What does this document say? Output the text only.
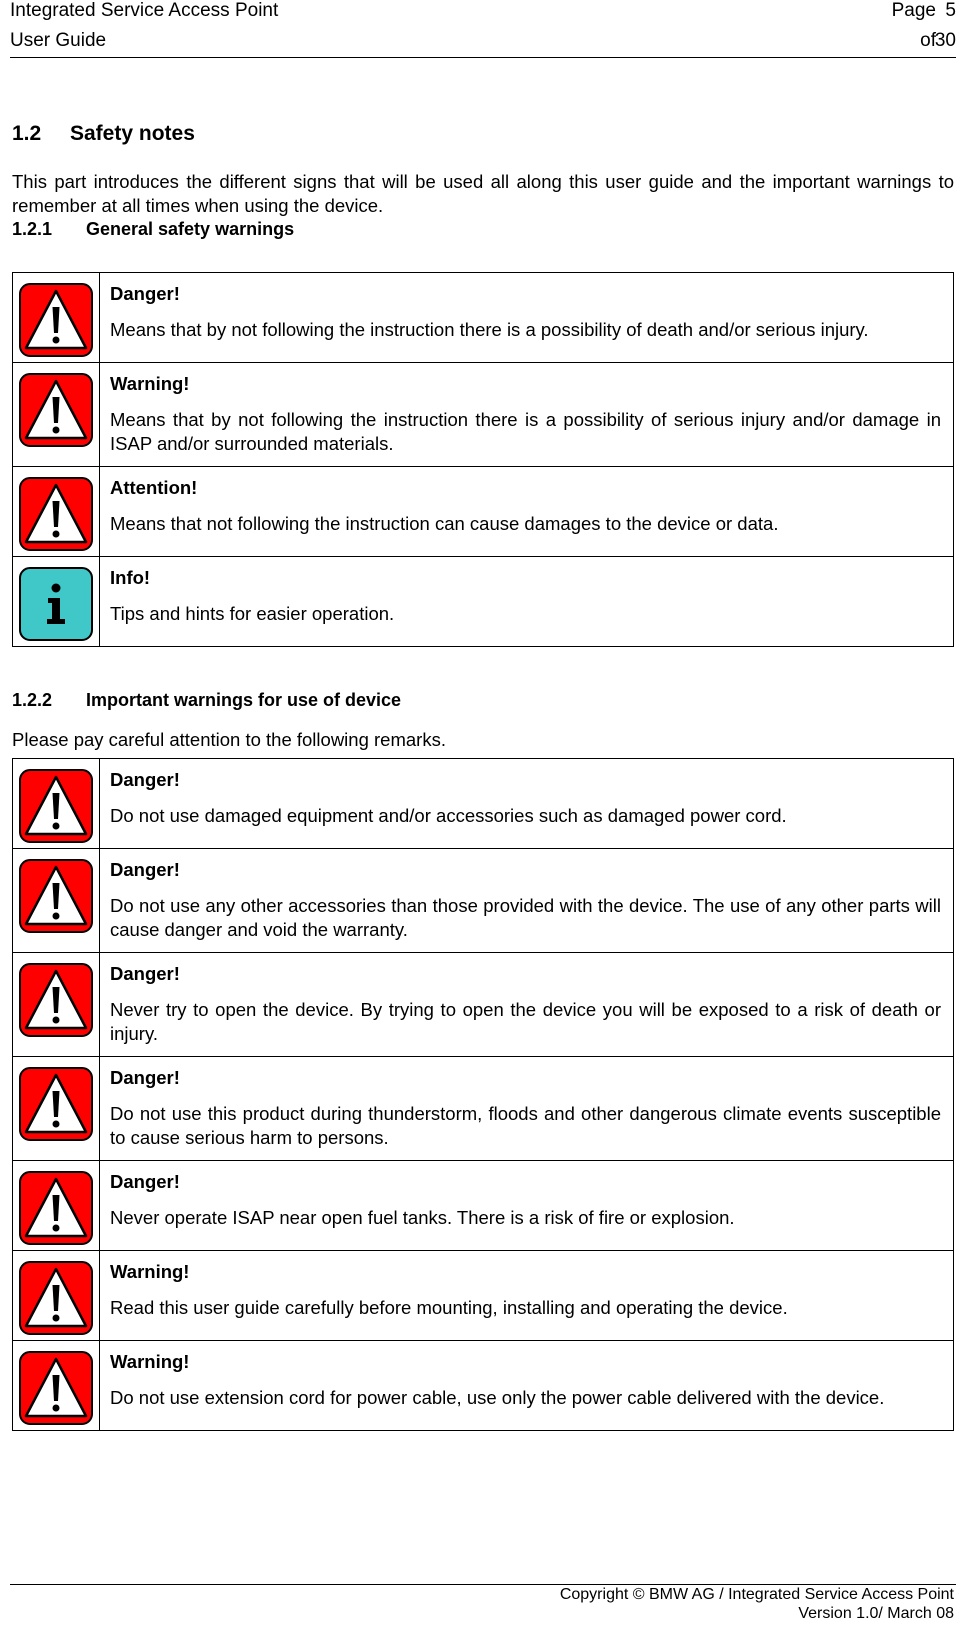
Integrated Service Access Point
User Guide
Page 5
of
30
1.2 Safety notes

This part introduces the different signs that will be used all along this user guide and the important warnings to remember at all times when using the device.

1.2.1 General safety warnings

Danger!
Means that by not following the instruction there is a possibility of death and/or serious injury.

Warning!
Means that by not following the instruction there is a possibility of serious injury and/or damage in ISAP and/or surrounded materials.

Attention!
Means that not following the instruction can cause damages to the device or data.

Info!
Tips and hints for easier operation.
1.2.2 Important warnings for use of device

Please pay careful attention to the following remarks.

Danger!
Do not use damaged equipment and/or accessories such as damaged power cord.

Danger!
Do not use any other accessories than those provided with the device. The use of any other parts will cause danger and void the warranty.

Danger!
Never try to open the device. By trying to open the device you will be exposed to a risk of death or injury.

Danger!
Do not use this product during thunderstorm, floods and other dangerous climate events susceptible to cause serious harm to persons.

Danger!
Never operate ISAP near open fuel tanks. There is a risk of fire or explosion.

Warning!
Read this user guide carefully before mounting, installing and operating the device.

Warning!
Do not use extension cord for power cable, use only the power cable delivered with the device.
Copyright © BMW AG / Integrated Service Access Point
Version 1.0/ March 08
